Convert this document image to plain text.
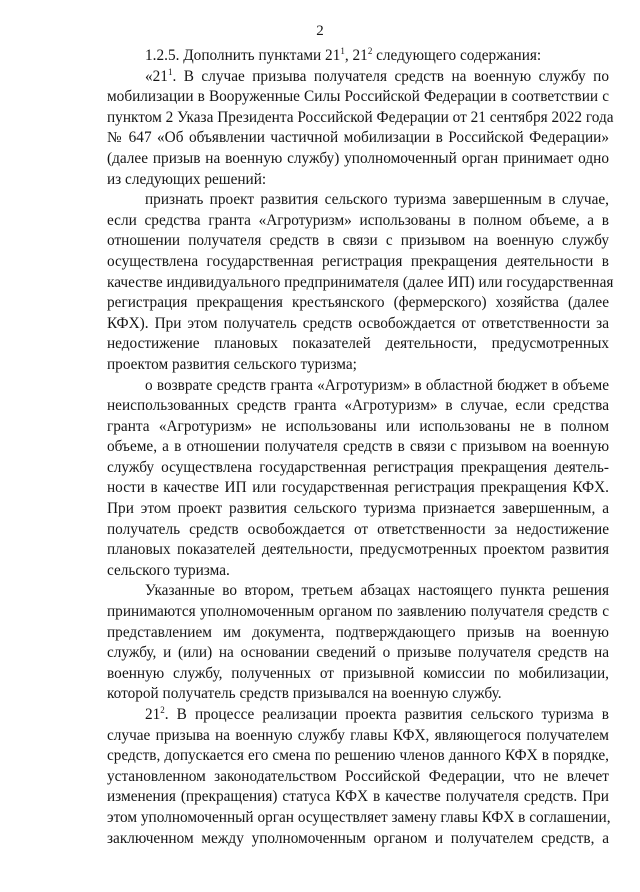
2
1.2.5. Дополнить пунктами $21^1$, $21^2$ следующего содержания:
«$21^1$. В случае призыва получателя средств на военную службу по
мобилизации в Вооруженные Силы Российской Федерации в соответствии с
пунктом 2 Указа Президента Российской Федерации от 21 сентября 2022 года
№ 647 «Об объявлении частичной мобилизации в Российской Федерации»
(далее призыв на военную службу) уполномоченный орган принимает одно
из следующих решений:
признать проект развития сельского туризма завершенным в случае,
если средства гранта «Агротуризм» использованы в полном объеме, а в
отношении получателя средств в связи с призывом на военную службу
осуществлена государственная регистрация прекращения деятельности в
качестве индивидуального предпринимателя (далее ИП) или государственная
регистрация прекращения крестьянского (фермерского) хозяйства (далее
КФХ). При этом получатель средств освобождается от ответственности за
недостижение плановых показателей деятельности, предусмотренных
проектом развития сельского туризма;
о возврате средств гранта «Агротуризм» в областной бюджет в объеме
неиспользованных средств гранта «Агротуризм» в случае, если средства
гранта «Агротуризм» не использованы или использованы не в полном
объеме, а в отношении получателя средств в связи с призывом на военную
службу осуществлена государственная регистрация прекращения деятель-
ности в качестве ИП или государственная регистрация прекращения КФХ.
При этом проект развития сельского туризма признается завершенным, а
получатель средств освобождается от ответственности за недостижение
плановых показателей деятельности, предусмотренных проектом развития
сельского туризма.
Указанные во втором, третьем абзацах настоящего пункта решения
принимаются уполномоченным органом по заявлению получателя средств с
представлением им документа, подтверждающего призыв на военную
службу, и (или) на основании сведений о призыве получателя средств на
военную службу, полученных от призывной комиссии по мобилизации,
которой получатель средств призывался на военную службу.
$21^2$. В процессе реализации проекта развития сельского туризма в
случае призыва на военную службу главы КФХ, являющегося получателем
средств, допускается его смена по решению членов данного КФХ в порядке,
установленном законодательством Российской Федерации, что не влечет
изменения (прекращения) статуса КФХ в качестве получателя средств. При
этом уполномоченный орган осуществляет замену главы КФХ в соглашении,
заключенном между уполномоченным органом и получателем средств, а
